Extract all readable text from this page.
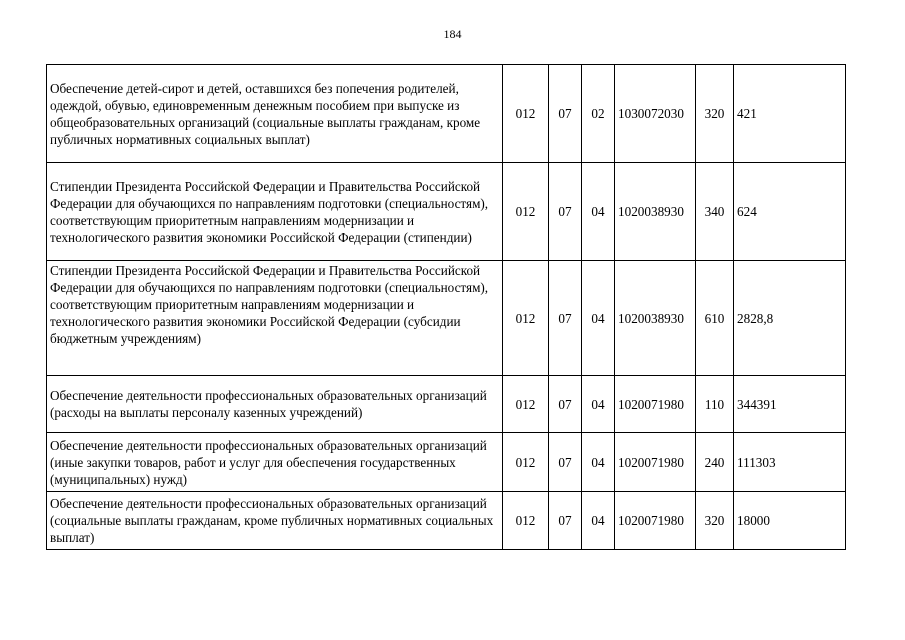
184
Обеспечение детей-сирот и детей, оставшихся без попечения родителей, одеждой, обувью, единовременным денежным пособием при выпуске из общеобразовательных организаций (социальные выплаты гражданам, кроме публичных нормативных социальных выплат)	012	07	02	1030072030	320	421
Стипендии Президента Российской Федерации и Правительства Российской Федерации для обучающихся по направлениям подготовки (специальностям), соответствующим приоритетным направлениям модернизации и технологического развития экономики Российской Федерации (стипендии)	012	07	04	1020038930	340	624
Стипендии Президента Российской Федерации и Правительства Российской Федерации для обучающихся по направлениям подготовки (специальностям), соответствующим приоритетным направлениям модернизации и технологического развития экономики Российской Федерации (субсидии бюджетным учреждениям)	012	07	04	1020038930	610	2828,8
Обеспечение деятельности профессиональных образовательных организаций (расходы на выплаты персоналу казенных учреждений)	012	07	04	1020071980	110	344391
Обеспечение деятельности профессиональных образовательных организаций (иные закупки товаров, работ и услуг для обеспечения государственных (муниципальных) нужд)	012	07	04	1020071980	240	111303
Обеспечение деятельности профессиональных образовательных организаций (социальные выплаты гражданам, кроме публичных нормативных социальных выплат)	012	07	04	1020071980	320	18000
